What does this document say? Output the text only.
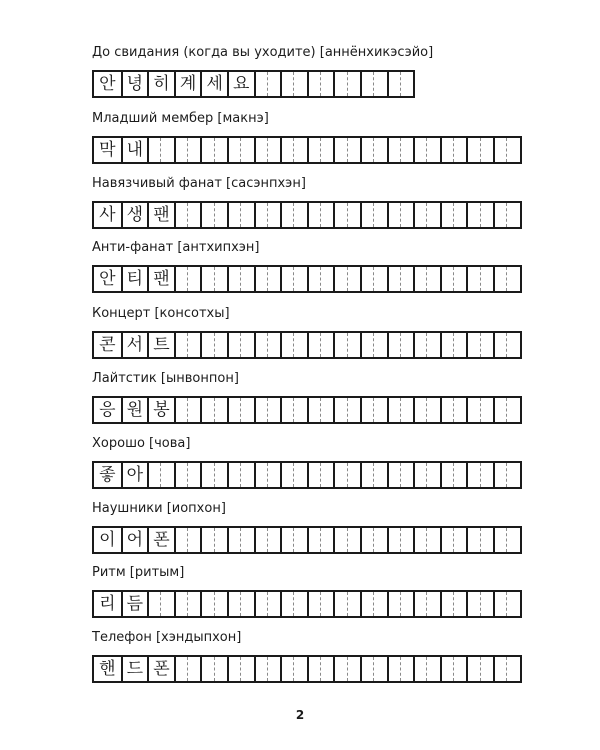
До свидания (когда вы уходите) [аннёнхикэсэйо]
안 녕 히 계 세 요
Младший мембер [макнэ]
막 내
Навязчивый фанат [сасэнпхэн]
사 생 팬
Анти-фанат [антхипхэн]
안 티 팬
Концерт [консотхы]
콘 서 트
Лайтстик [ынвонпон]
응 원 봉
Хорошо [чова]
좋 아
Наушники [иопхон]
이 어 폰
Ритм [ритым]
리 듬
Телефон [хэндыпхон]
핸 드 폰
2
